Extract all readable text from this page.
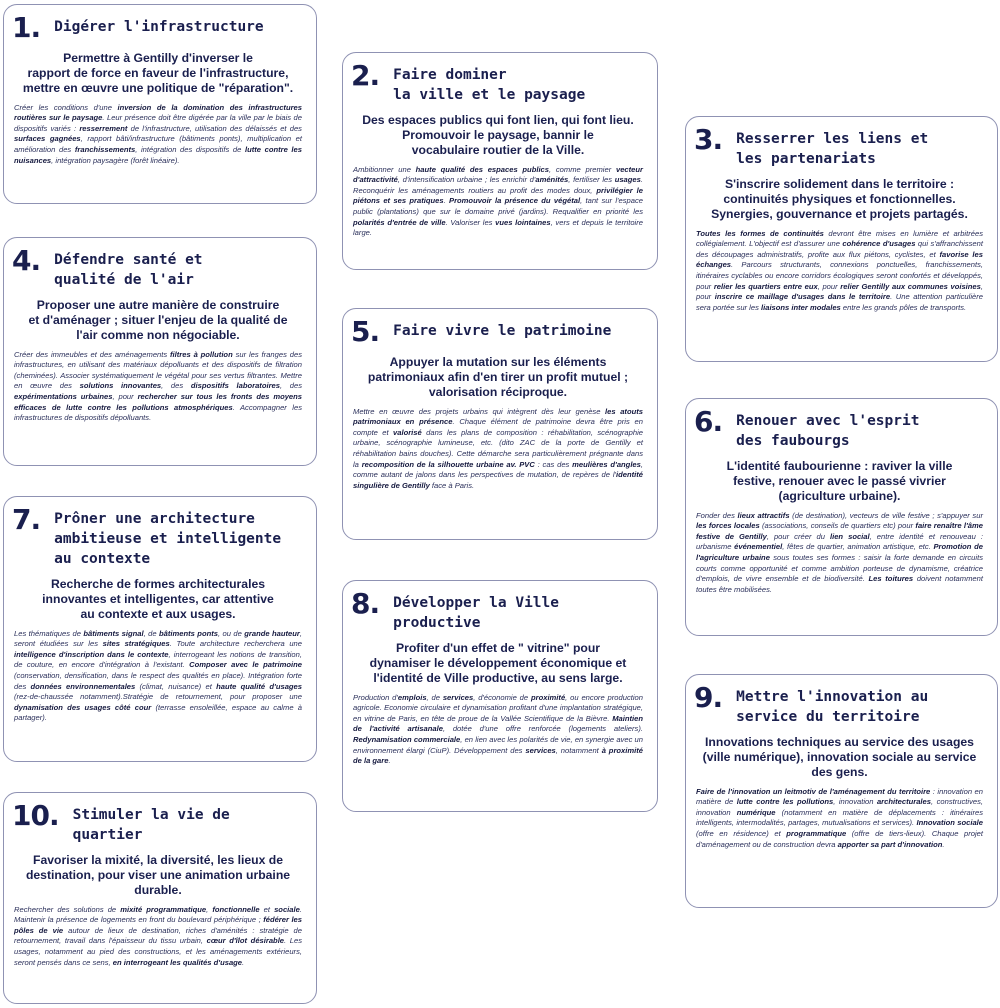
1. Digérer l'infrastructure
Permettre à Gentilly d'inverser le
rapport de force en faveur de l'infrastructure,
mettre en œuvre une politique de "réparation".
Créer les conditions d'une inversion de la domination des infrastructures routières sur le paysage. Leur présence doit être digérée par la ville par le biais de dispositifs variés : resserrement de l'infrastructure, utilisation des délaissés et des surfaces gagnées, rapport bâti/infrastructure (bâtiments ponts), multiplication et amélioration des franchissements, intégration des dispositifs de lutte contre les nuisances, intégration paysagère (forêt linéaire).
2. Faire dominer
la ville et le paysage
Des espaces publics qui font lien, qui font lieu.
Promouvoir le paysage, bannir le
vocabulaire routier de la Ville.
Ambitionner une haute qualité des espaces publics, comme premier vecteur d'attractivité, d'intensification urbaine ; les enrichir d'aménités, fertiliser les usages. Reconquérir les aménagements routiers au profit des modes doux, privilégier le piétons et ses pratiques. Promouvoir la présence du végétal, tant sur l'espace public (plantations) que sur le domaine privé (jardins). Requalifier en priorité les polarités d'entrée de ville. Valoriser les vues lointaines, vers et depuis le territoire large.
3. Resserrer les liens et
les partenariats
S'inscrire solidement dans le territoire :
continuités physiques et fonctionnelles.
Synergies, gouvernance et projets partagés.
Toutes les formes de continuités devront être mises en lumière et arbitrées collégialement. L'objectif est d'assurer une cohérence d'usages qui s'affranchissent des découpages administratifs, profite aux flux piétons, cyclistes, et favorise les échanges. Parcours structurants, connexions ponctuelles, franchissements, itinéraires cyclables ou encore corridors écologiques seront confortés et développés, pour relier les quartiers entre eux, pour relier Gentilly aux communes voisines, pour inscrire ce maillage d'usages dans le territoire. Une attention particulière sera portée sur les liaisons inter modales entre les grands pôles de transports.
4. Défendre santé et
qualité de l'air
Proposer une autre manière de construire
et d'aménager ; situer l'enjeu de la qualité de
l'air comme non négociable.
Créer des immeubles et des aménagements filtres à pollution sur les franges des infrastructures, en utilisant des matériaux dépolluants et des dispositifs de filtration (cheminées). Associer systématiquement le végétal pour ses vertus filtrantes. Mettre en œuvre des solutions innovantes, des dispositifs laboratoires, des expérimentations urbaines, pour rechercher sur tous les fronts des moyens efficaces de lutte contre les pollutions atmosphériques. Accompagner les infrastructures de dispositifs dépolluants.
5. Faire vivre le patrimoine
Appuyer la mutation sur les éléments
patrimoniaux afin d'en tirer un profit mutuel ;
valorisation réciproque.
Mettre en œuvre des projets urbains qui intègrent dès leur genèse les atouts patrimoniaux en présence. Chaque élément de patrimoine devra être pris en compte et valorisé dans les plans de composition : réhabilitation, scénographie urbaine, scénographie lumineuse, etc. (dito ZAC de la porte de Gentilly et réhabilitation bains douches). Cette démarche sera particulièrement prégnante dans la recomposition de la silhouette urbaine av. PVC : cas des meulières d'angles, comme autant de jalons dans les perspectives de mutation, de repères de l'identité singulière de Gentilly face à Paris.
6. Renouer avec l'esprit
des faubourgs
L'identité faubourienne : raviver la ville
festive, renouer avec le passé vivrier
(agriculture urbaine).
Fonder des lieux attractifs (de destination), vecteurs de ville festive ; s'appuyer sur les forces locales (associations, conseils de quartiers etc) pour faire renaître l'âme festive de Gentilly, pour créer du lien social, entre identité et renouveau : urbanisme événementiel, fêtes de quartier, animation artistique, etc. Promotion de l'agriculture urbaine sous toutes ses formes : saisir la forte demande en circuits courts comme opportunité et comme ambition porteuse de dynamisme, créatrice d'emplois, de vivre ensemble et de biodiversité. Les toitures doivent notamment toutes être mobilisées.
7. Prôner une architecture
ambitieuse et intelligente
au contexte
Recherche de formes architecturales
innovantes et intelligentes, car attentive
au contexte et aux usages.
Les thématiques de bâtiments signal, de bâtiments ponts, ou de grande hauteur, seront étudiées sur les sites stratégiques. Toute architecture recherchera une intelligence d'inscription dans le contexte, interrogeant les notions de transition, de couture, en encore d'intégration à l'existant. Composer avec le patrimoine (conservation, densification, dans le respect des qualités en place). Intégration forte des données environnementales (climat, nuisance) et haute qualité d'usages (rez-de-chaussée notamment).Stratégie de retournement, pour proposer une dynamisation des usages côté cour (terrasse ensoleillée, espace au calme à partager).
8. Développer la Ville
productive
Profiter d'un effet de " vitrine" pour
dynamiser le développement économique et
l'identité de Ville productive, au sens large.
Production d'emplois, de services, d'économie de proximité, ou encore production agricole. Economie circulaire et dynamisation profitant d'une implantation stratégique, en vitrine de Paris, en tête de proue de la Vallée Scientifique de la Bièvre. Maintien de l'activité artisanale, dotée d'une offre renforcée (logements ateliers). Redynamisation commerciale, en lien avec les polarités de vie, en synergie avec un environnement élargi (CiuP). Développement des services, notamment à proximité de la gare.
9. Mettre l'innovation au
service du territoire
Innovations techniques au service des usages
(ville numérique), innovation sociale au service
des gens.
Faire de l'innovation un leitmotiv de l'aménagement du territoire : innovation en matière de lutte contre les pollutions, innovation architecturales, constructives, innovation numérique (notamment en matière de déplacements : itinéraires intelligents, intermodalités, partages, mutualisations et services). Innovation sociale (offre en résidence) et programmatique (offre de tiers-lieux). Chaque projet d'aménagement ou de construction devra apporter sa part d'innovation.
10. Stimuler la vie de quartier
Favoriser la mixité, la diversité, les lieux de
destination, pour viser une animation urbaine
durable.
Rechercher des solutions de mixité programmatique, fonctionnelle et sociale. Maintenir la présence de logements en front du boulevard périphérique ; fédérer les pôles de vie autour de lieux de destination, riches d'aménités : stratégie de retournement, travail dans l'épaisseur du tissu urbain, cœur d'îlot désirable. Les usages, notamment au pied des constructions, et les aménagements extérieurs, seront pensés dans ce sens, en interrogeant les qualités d'usage.
